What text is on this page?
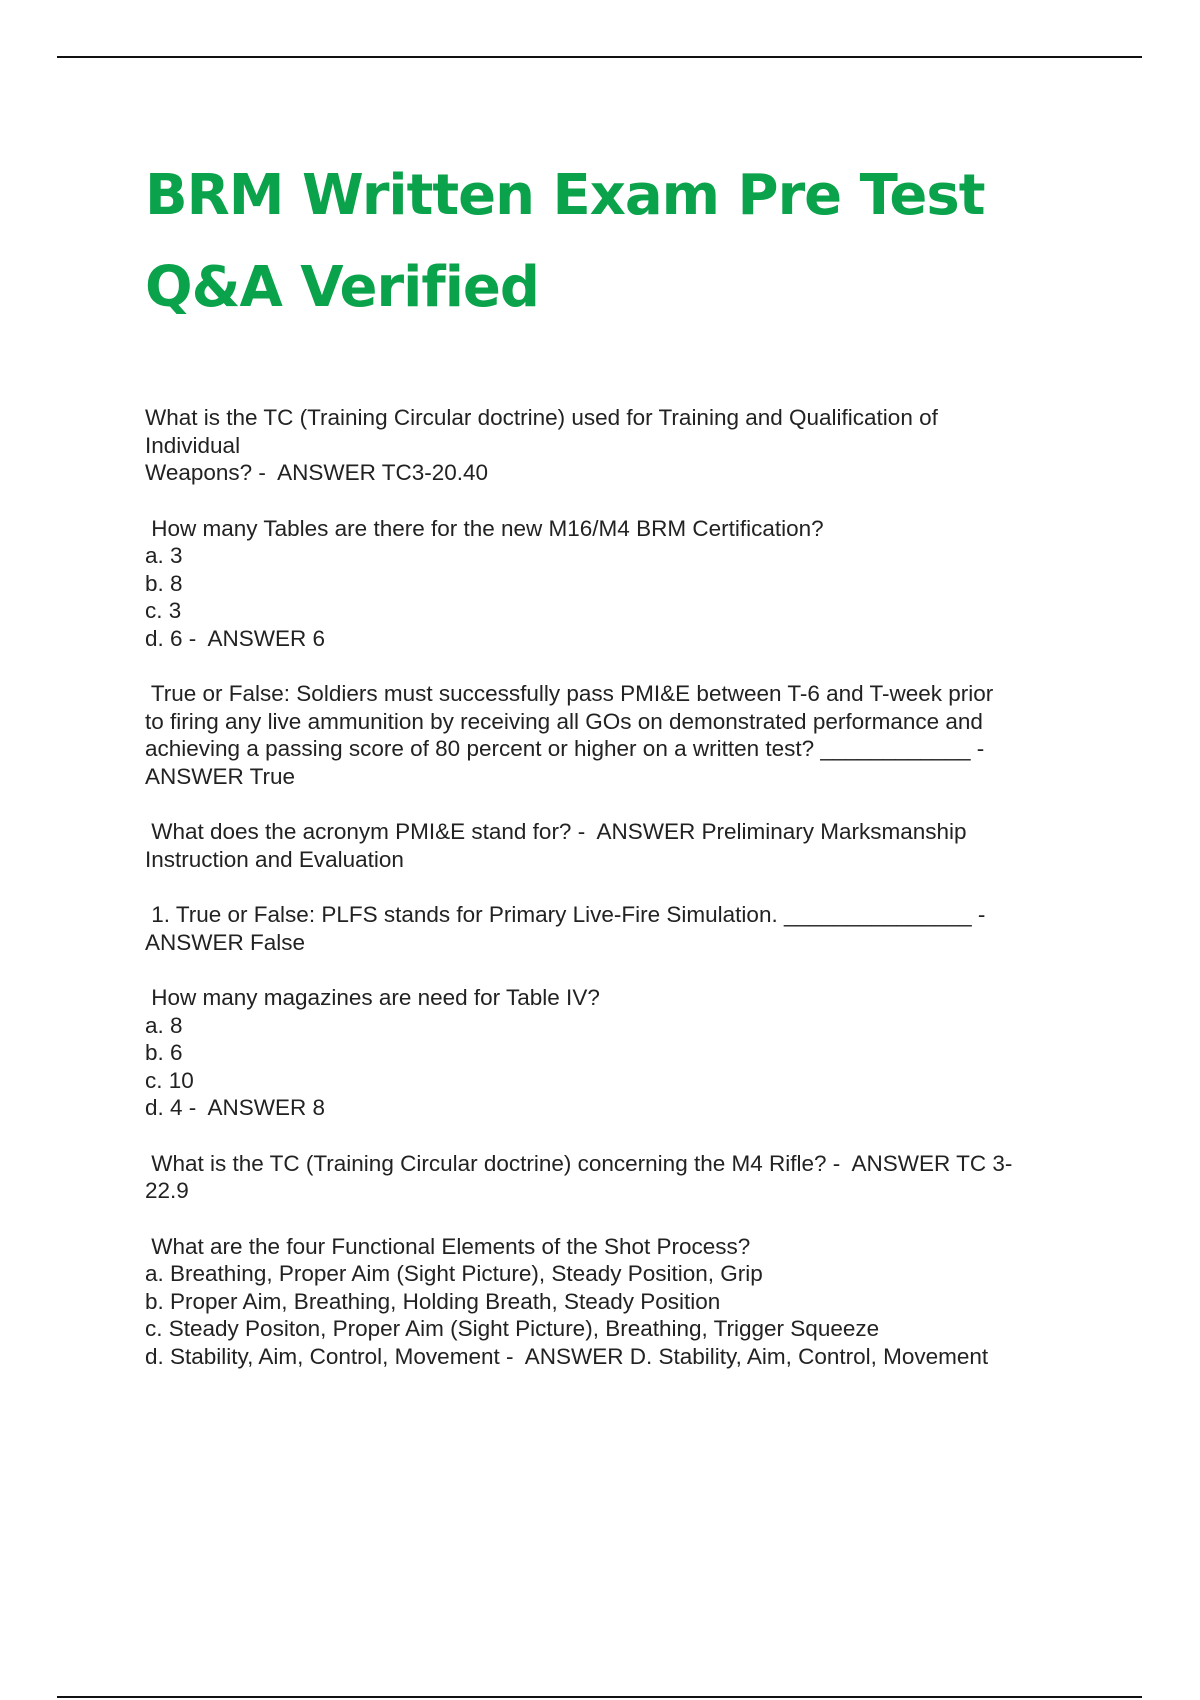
BRM Written Exam Pre Test
Q&A Verified
What is the TC (Training Circular doctrine) used for Training and Qualification of
Individual
Weapons? -  ANSWER TC3-20.40
How many Tables are there for the new M16/M4 BRM Certification?
a. 3
b. 8
c. 3
d. 6 -  ANSWER 6
True or False: Soldiers must successfully pass PMI&E between T-6 and T-week prior
to firing any live ammunition by receiving all GOs on demonstrated performance and
achieving a passing score of 80 percent or higher on a written test? ____________ -
ANSWER True
What does the acronym PMI&E stand for? -  ANSWER Preliminary Marksmanship
Instruction and Evaluation
1. True or False: PLFS stands for Primary Live-Fire Simulation. _______________ -
ANSWER False
How many magazines are need for Table IV?
a. 8
b. 6
c. 10
d. 4 -  ANSWER 8
What is the TC (Training Circular doctrine) concerning the M4 Rifle? -  ANSWER TC 3-
22.9
What are the four Functional Elements of the Shot Process?
a. Breathing, Proper Aim (Sight Picture), Steady Position, Grip
b. Proper Aim, Breathing, Holding Breath, Steady Position
c. Steady Positon, Proper Aim (Sight Picture), Breathing, Trigger Squeeze
d. Stability, Aim, Control, Movement -  ANSWER D. Stability, Aim, Control, Movement
